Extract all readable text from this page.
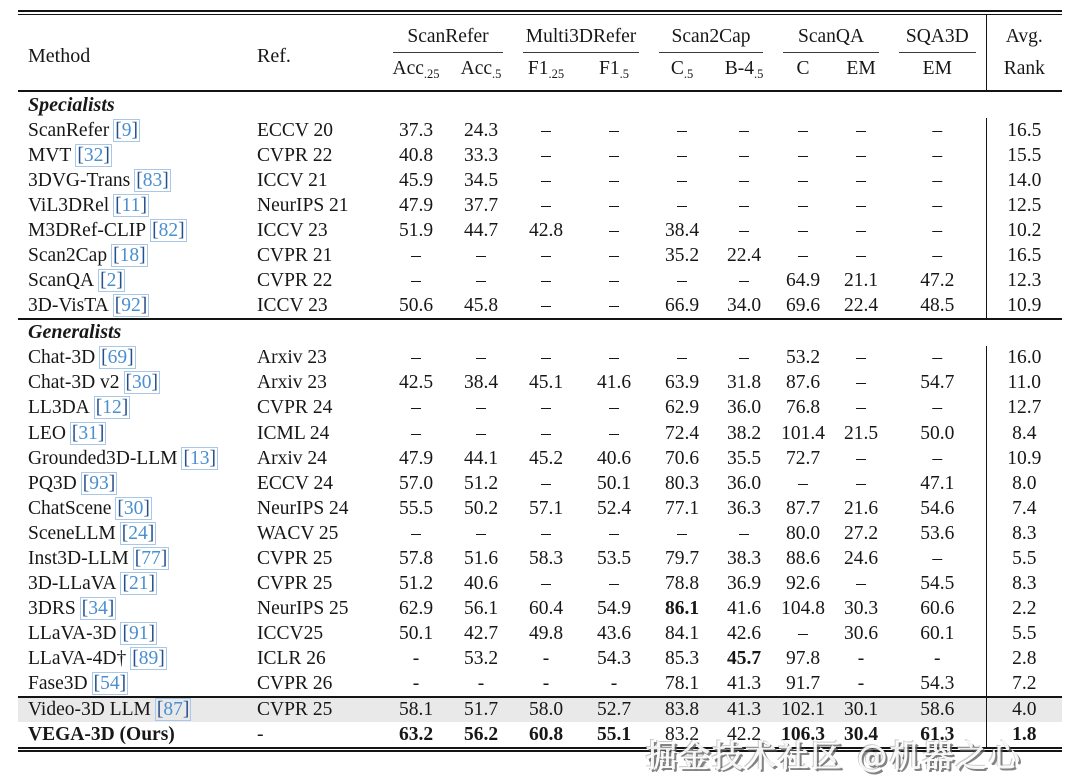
Method	Ref.	ScanRefer		Multi3DRefer		Scan2Cap		ScanQA		SQA3D	Avg.

		Acc$_{.25}$	Acc$_{.5}$	$F1_{.25}$	$F1_{.5}$	$C_{.5}$	$B-4_{.5}$	C	EM	EM	Rank
Specialists											
ScanRefer [9]	ECCV 20	37.3	24.3	–	–	–	–	–	–	–	16.5
MVT [32]	CVPR 22	40.8	33.3	–	–	–	–	–	–	–	15.5
3DVG-Trans [83]	ICCV 21	45.9	34.5	–	–	–	–	–	–	–	14.0
ViL3DRel [11]	NeurIPS 21	47.9	37.7	–	–	–	–	–	–	–	12.5
M3DRef-CLIP [82]	ICCV 23	51.9	44.7	42.8	–	38.4	–	–	–	–	10.2
Scan2Cap [18]	CVPR 21	–	–	–	–	35.2	22.4	–	–	–	16.5
ScanQA [2]	CVPR 22	–	–	–	–	–	–	64.9	21.1	47.2	12.3
3D-VisTA [92]	ICCV 23	50.6	45.8	–	–	66.9	34.0	69.6	22.4	48.5	10.9
Generalists											
Chat-3D [69]	Arxiv 23	–	–	–	–	–	–	53.2	–	–	16.0
Chat-3D v2 [30]	Arxiv 23	42.5	38.4	45.1	41.6	63.9	31.8	87.6	–	54.7	11.0
LL3DA [12]	CVPR 24	–	–	–	–	62.9	36.0	76.8	–	–	12.7
LEO [31]	ICML 24	–	–	–	–	72.4	38.2	101.4	21.5	50.0	8.4
Grounded3D-LLM [13]	Arxiv 24	47.9	44.1	45.2	40.6	70.6	35.5	72.7	–	–	10.9
PQ3D [93]	ECCV 24	57.0	51.2	–	50.1	80.3	36.0	–	–	47.1	8.0
ChatScene [30]	NeurIPS 24	55.5	50.2	57.1	52.4	77.1	36.3	87.7	21.6	54.6	7.4
SceneLLM [24]	WACV 25	–	–	–	–	–	–	80.0	27.2	53.6	8.3
Inst3D-LLM [77]	CVPR 25	57.8	51.6	58.3	53.5	79.7	38.3	88.6	24.6	–	5.5
3D-LLaVA [21]	CVPR 25	51.2	40.6	–	–	78.8	36.9	92.6	–	54.5	8.3
3DRS [34]	NeurIPS 25	62.9	56.1	60.4	54.9	86.1	41.6	104.8	30.3	60.6	2.2
LLaVA-3D [91]	ICCV25	50.1	42.7	49.8	43.6	84.1	42.6	–	30.6	60.1	5.5
LLaVA-4D† [89]	ICLR 26	-	53.2	-	54.3	85.3	45.7	97.8	-	-	2.8
Fase3D [54]	CVPR 26	-	-	-	-	78.1	41.3	91.7	-	54.3	7.2
Video-3D LLM [87]	CVPR 25	58.1	51.7	58.0	52.7	83.8	41.3	102.1	30.1	58.6	4.0
VEGA-3D (Ours)	-	63.2	56.2	60.8	55.1	83.2	42.2	106.3	30.4	61.3	1.8
掘金技术社区 @机器之心
